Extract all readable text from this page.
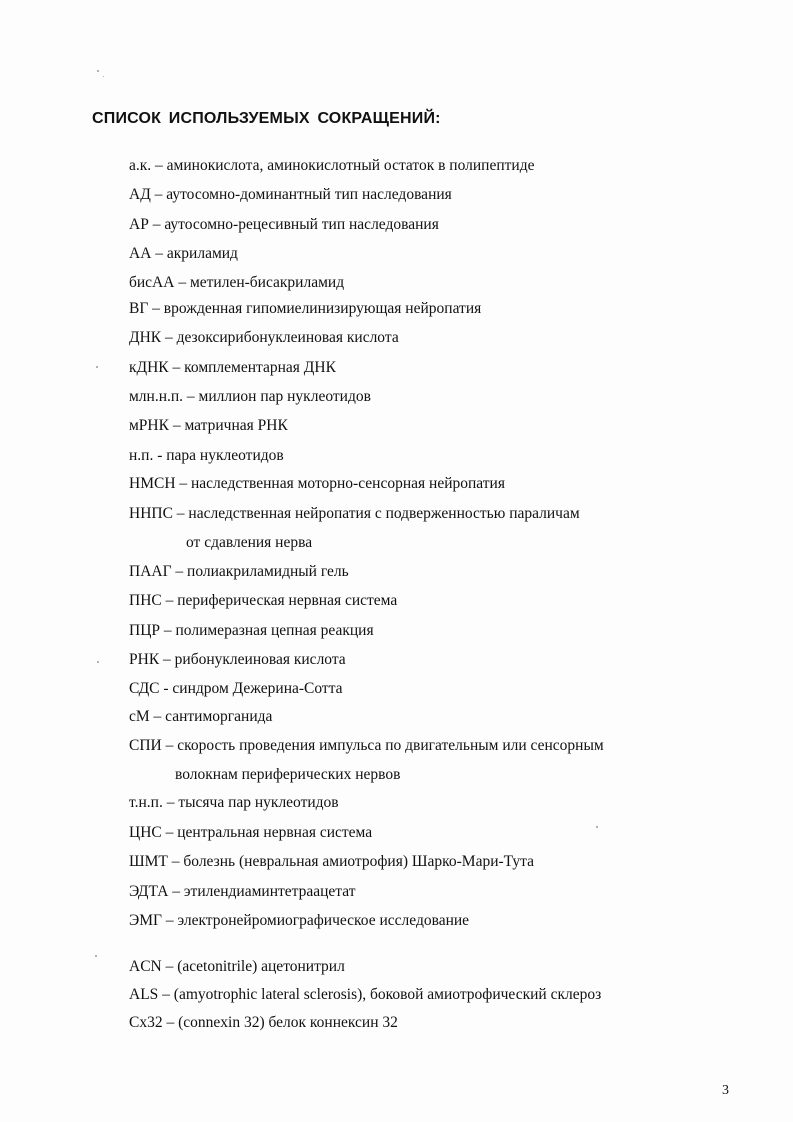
СПИСОК ИСПОЛЬЗУЕМЫХ СОКРАЩЕНИЙ:
а.к. – аминокислота, аминокислотный остаток в полипептиде
АД – аутосомно-доминантный тип наследования
АР – аутосомно-рецесивный тип наследования
АА – акриламид
бисАА – метилен-бисакриламид
ВГ – врожденная гипомиелинизирующая нейропатия
ДНК – дезоксирибонуклеиновая кислота
кДНК – комплементарная ДНК
млн.н.п. – миллион пар нуклеотидов
мРНК – матричная РНК
н.п. - пара нуклеотидов
НМСН – наследственная моторно-сенсорная нейропатия
ННПС – наследственная нейропатия с подверженностью параличам
от сдавления нерва
ПААГ – полиакриламидный гель
ПНС – периферическая нервная система
ПЦР – полимеразная цепная реакция
РНК – рибонуклеиновая кислота
СДС - синдром Дежерина-Сотта
сМ – сантиморганида
СПИ – скорость проведения импульса по двигательным или сенсорным
волокнам периферических нервов
т.н.п. – тысяча пар нуклеотидов
ЦНС – центральная нервная система
ШМТ – болезнь (невральная амиотрофия) Шарко-Мари-Тута
ЭДТА – этилендиаминтетраацетат
ЭМГ – электронейромиографическое исследование
ACN – (acetonitrile) ацетонитрил
ALS – (amyotrophic lateral sclerosis), боковой амиотрофический склероз
Cx32 – (connexin 32) белок коннексин 32
3
